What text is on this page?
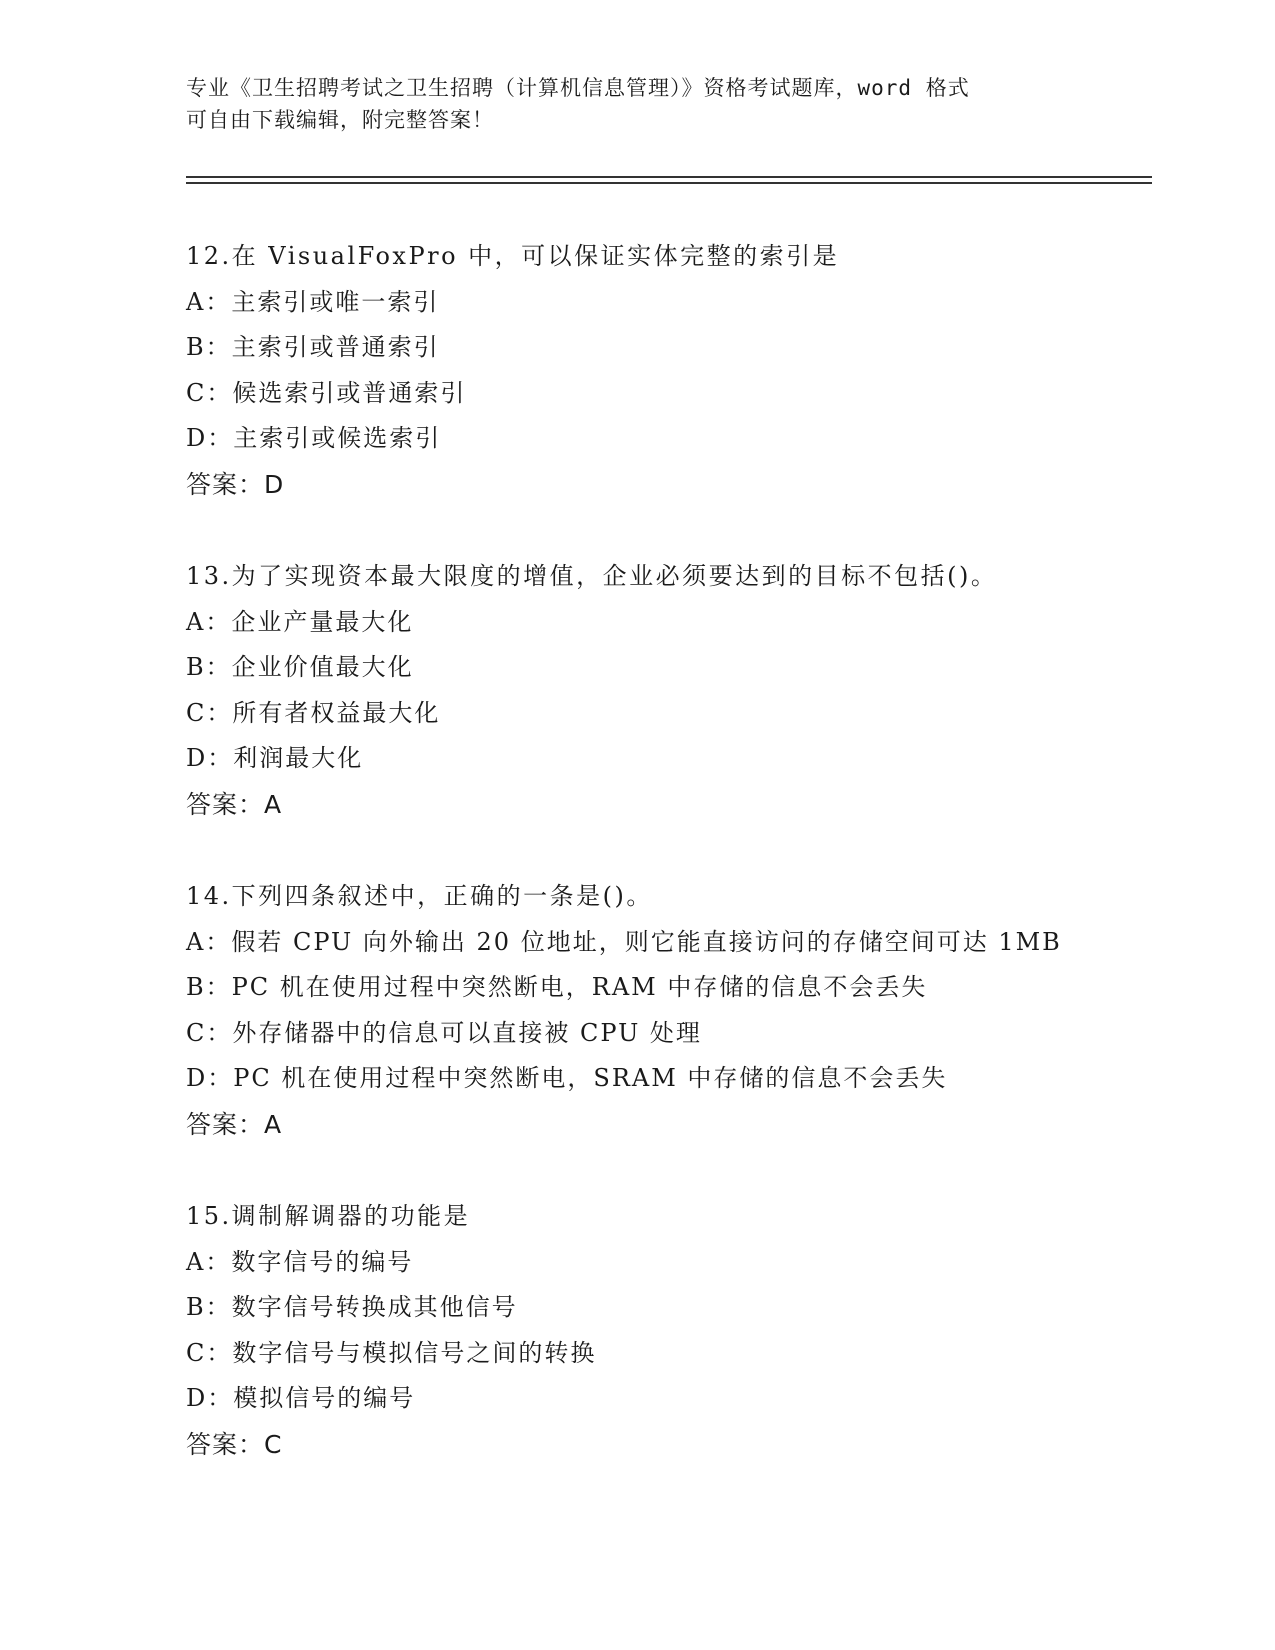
专业《卫生招聘考试之卫生招聘（计算机信息管理）》资格考试题库，word 格式
可自由下载编辑，附完整答案！
12.在 VisualFoxPro 中，可以保证实体完整的索引是
A：主索引或唯一索引
B：主索引或普通索引
C：候选索引或普通索引
D：主索引或候选索引
答案：D
13.为了实现资本最大限度的增值，企业必须要达到的目标不包括()。
A：企业产量最大化
B：企业价值最大化
C：所有者权益最大化
D：利润最大化
答案：A
14.下列四条叙述中，正确的一条是()。
A：假若 CPU 向外输出 20 位地址，则它能直接访问的存储空间可达 1MB
B：PC 机在使用过程中突然断电，RAM 中存储的信息不会丢失
C：外存储器中的信息可以直接被 CPU 处理
D：PC 机在使用过程中突然断电，SRAM 中存储的信息不会丢失
答案：A
15.调制解调器的功能是
A：数字信号的编号
B：数字信号转换成其他信号
C：数字信号与模拟信号之间的转换
D：模拟信号的编号
答案：C
